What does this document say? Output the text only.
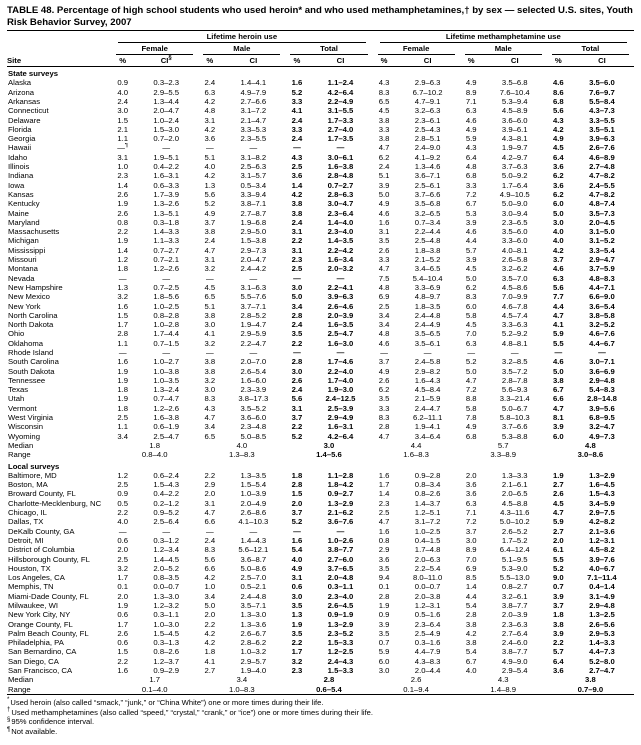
TABLE 48. Percentage of high school students who used heroin* and who used methamphetamines,† by sex — selected U.S. sites, Youth Risk Behavior Survey, 2007

	Lifetime heroin use						Lifetime methamphetamine use					

	Female		Male		Total		Female		Male		Total	

Site	%	CI§	%	CI	%	CI	%	CI	%	CI	%	CI
State surveys												
Alaska	0.9	0.3–2.3	2.4	1.4–4.1	1.6	1.1–2.4	4.3	2.9–6.3	4.9	3.5–6.8	4.6	3.5–6.0
Arizona	4.0	2.9–5.5	6.3	4.9–7.9	5.2	4.2–6.4	8.3	6.7–10.2	8.9	7.6–10.4	8.6	7.6–9.7
Arkansas	2.4	1.3–4.4	4.2	2.7–6.6	3.3	2.2–4.9	6.5	4.7–9.1	7.1	5.3–9.4	6.8	5.5–8.4
Connecticut	3.0	2.0–4.7	4.8	3.1–7.2	4.1	3.1–5.5	4.5	3.2–6.3	6.3	4.5–8.9	5.6	4.3–7.3
Delaware	1.5	1.0–2.4	3.1	2.1–4.7	2.4	1.7–3.3	3.8	2.3–6.1	4.6	3.6–6.0	4.3	3.3–5.5
Florida	2.1	1.5–3.0	4.2	3.3–5.3	3.3	2.7–4.0	3.3	2.5–4.3	4.9	3.9–6.1	4.2	3.5–5.1
Georgia	1.1	0.7–2.0	3.6	2.3–5.5	2.4	1.7–3.5	3.8	2.8–5.1	5.9	4.3–8.1	4.9	3.9–6.3
Hawaii	—¶	—	—	—	—	—	4.7	2.4–9.0	4.3	1.9–9.7	4.5	2.6–7.6
Idaho	3.1	1.9–5.1	5.1	3.1–8.2	4.3	3.0–6.1	6.2	4.1–9.2	6.4	4.2–9.7	6.4	4.6–8.9
Illinois	1.0	0.4–2.2	4.0	2.5–6.3	2.5	1.6–3.8	2.4	1.3–4.6	4.8	3.7–6.3	3.6	2.7–4.8
Indiana	2.3	1.6–3.1	4.2	3.1–5.7	3.6	2.8–4.8	5.1	3.6–7.1	6.8	5.0–9.2	6.2	4.7–8.2
Iowa	1.4	0.6–3.3	1.3	0.5–3.4	1.4	0.7–2.7	3.9	2.5–6.1	3.3	1.7–6.4	3.6	2.4–5.5
Kansas	2.6	1.7–3.9	5.6	3.3–9.4	4.2	2.8–6.3	5.0	3.7–6.6	7.2	4.9–10.5	6.2	4.7–8.2
Kentucky	1.9	1.3–2.6	5.2	3.8–7.1	3.8	3.0–4.7	4.9	3.5–6.8	6.7	5.0–9.0	6.0	4.8–7.4
Maine	2.6	1.3–5.1	4.9	2.7–8.7	3.8	2.3–6.4	4.6	3.2–6.5	5.3	3.0–9.4	5.0	3.5–7.3
Maryland	0.8	0.3–1.8	3.7	1.9–6.8	2.4	1.4–4.0	1.6	0.7–3.4	3.9	2.3–6.5	3.0	2.0–4.5
Massachusetts	2.2	1.4–3.3	3.8	2.9–5.0	3.1	2.3–4.0	3.1	2.2–4.4	4.6	3.5–6.0	4.0	3.1–5.0
Michigan	1.9	1.1–3.3	2.4	1.5–3.8	2.2	1.4–3.5	3.5	2.5–4.8	4.4	3.3–6.0	4.0	3.1–5.2
Mississippi	1.4	0.7–2.7	4.7	2.9–7.3	3.1	2.2–4.2	2.6	1.8–3.8	5.7	4.0–8.1	4.2	3.3–5.4
Missouri	1.2	0.7–2.1	3.1	2.0–4.7	2.3	1.6–3.4	3.3	2.1–5.2	3.9	2.6–5.8	3.7	2.9–4.7
Montana	1.8	1.2–2.6	3.2	2.4–4.2	2.5	2.0–3.2	4.7	3.4–6.5	4.5	3.2–6.2	4.6	3.7–5.9
Nevada	—	—	—	—	—	—	7.5	5.4–10.4	5.0	3.5–7.0	6.3	4.8–8.3
New Hampshire	1.3	0.7–2.5	4.5	3.1–6.3	3.0	2.2–4.1	4.8	3.3–6.9	6.2	4.5–8.6	5.6	4.4–7.1
New Mexico	3.2	1.8–5.6	6.5	5.5–7.6	5.0	3.9–6.3	6.9	4.8–9.7	8.3	7.0–9.9	7.7	6.6–9.0
New York	1.6	1.0–2.5	5.1	3.7–7.1	3.4	2.6–4.6	2.5	1.8–3.5	6.0	4.6–7.8	4.4	3.6–5.4
North Carolina	1.5	0.8–2.8	3.8	2.8–5.2	2.8	2.0–3.9	3.4	2.4–4.8	5.8	4.5–7.4	4.7	3.8–5.8
North Dakota	1.7	1.0–2.8	3.0	1.9–4.7	2.4	1.6–3.5	3.4	2.4–4.9	4.5	3.3–6.3	4.1	3.2–5.2
Ohio	2.8	1.7–4.4	4.1	2.9–5.9	3.5	2.5–4.7	4.8	3.5–6.5	7.0	5.2–9.2	5.9	4.6–7.6
Oklahoma	1.1	0.7–1.5	3.2	2.2–4.7	2.2	1.6–3.0	4.6	3.5–6.1	6.3	4.8–8.1	5.5	4.4–6.7
Rhode Island	—	—	—	—	—	—	—	—	—	—	—	—
South Carolina	1.6	1.0–2.7	3.8	2.0–7.0	2.8	1.7–4.6	3.7	2.4–5.8	5.2	3.2–8.5	4.6	3.0–7.1
South Dakota	1.9	1.0–3.8	3.8	2.6–5.4	3.0	2.2–4.0	4.9	2.9–8.2	5.0	3.5–7.2	5.0	3.6–6.9
Tennessee	1.9	1.0–3.5	3.2	1.6–6.0	2.6	1.7–4.0	2.6	1.6–4.3	4.7	2.8–7.8	3.8	2.9–4.8
Texas	1.8	1.3–2.4	3.0	2.3–3.9	2.4	1.9–3.0	6.2	4.5–8.4	7.2	5.6–9.3	6.7	5.4–8.3
Utah	1.9	0.7–4.7	8.3	3.8–17.3	5.6	2.4–12.5	3.5	2.1–5.9	8.8	3.3–21.4	6.6	2.8–14.8
Vermont	1.8	1.2–2.6	4.3	3.5–5.2	3.1	2.5–3.9	3.3	2.4–4.7	5.8	5.0–6.7	4.7	3.9–5.6
West Virginia	2.5	1.6–3.8	4.7	3.6–6.0	3.7	2.9–4.9	8.3	6.2–11.1	7.8	5.8–10.3	8.1	6.8–9.5
Wisconsin	1.1	0.6–1.9	3.4	2.3–4.8	2.2	1.6–3.1	2.8	1.9–4.1	4.9	3.7–6.6	3.9	3.2–4.7
Wyoming	3.4	2.5–4.7	6.5	5.0–8.5	5.2	4.2–6.4	4.7	3.4–6.4	6.8	5.3–8.8	6.0	4.9–7.3
Median	1.8		4.0		3.0		4.4		5.7		4.8	
Range	0.8–4.0		1.3–8.3		1.4–5.6		1.6–8.3		3.3–8.9		3.0–8.6	
Local surveys												
Baltimore, MD	1.2	0.6–2.4	2.2	1.3–3.5	1.8	1.1–2.8	1.6	0.9–2.8	2.0	1.3–3.3	1.9	1.3–2.9
Boston, MA	2.5	1.5–4.3	2.9	1.5–5.4	2.8	1.8–4.2	1.7	0.8–3.4	3.6	2.1–6.1	2.7	1.6–4.5
Broward County, FL	0.9	0.4–2.2	2.0	1.0–3.9	1.5	0.9–2.7	1.4	0.8–2.6	3.6	2.0–6.5	2.6	1.5–4.3
Charlotte-Mecklenburg, NC	0.5	0.2–1.2	3.1	2.0–4.9	2.0	1.3–2.9	2.3	1.4–3.7	6.3	4.5–8.8	4.5	3.4–5.9
Chicago, IL	2.2	0.9–5.2	4.7	2.6–8.6	3.7	2.1–6.2	2.5	1.2–5.1	7.1	4.3–11.6	4.7	2.9–7.5
Dallas, TX	4.0	2.5–6.4	6.6	4.1–10.3	5.2	3.6–7.6	4.7	3.1–7.2	7.2	5.0–10.2	5.9	4.2–8.2
DeKalb County, GA	—	—	—	—	—	—	1.6	1.0–2.5	3.7	2.6–5.2	2.7	2.1–3.6
Detroit, MI	0.6	0.3–1.2	2.4	1.4–4.3	1.6	1.0–2.6	0.8	0.4–1.5	3.0	1.7–5.2	2.0	1.2–3.1
District of Columbia	2.0	1.2–3.4	8.3	5.6–12.1	5.4	3.8–7.7	2.9	1.7–4.8	8.9	6.4–12.4	6.1	4.5–8.2
Hillsborough County, FL	2.5	1.4–4.5	5.6	3.6–8.7	4.0	2.7–6.0	3.6	2.0–6.3	7.0	5.1–9.5	5.5	3.9–7.6
Houston, TX	3.2	2.0–5.2	6.6	5.0–8.6	4.9	3.7–6.5	3.5	2.2–5.4	6.9	5.3–9.0	5.2	4.0–6.7
Los Angeles, CA	1.7	0.8–3.5	4.2	2.5–7.0	3.1	2.0–4.8	9.4	8.0–11.0	8.5	5.5–13.0	9.0	7.1–11.4
Memphis, TN	0.1	0.0–0.7	1.0	0.5–2.1	0.6	0.3–1.1	0.1	0.0–0.7	1.4	0.8–2.7	0.7	0.4–1.4
Miami-Dade County, FL	2.0	1.3–3.0	3.4	2.4–4.8	3.0	2.3–4.0	2.8	2.0–3.8	4.4	3.2–6.1	3.9	3.1–4.9
Milwaukee, WI	1.9	1.2–3.2	5.0	3.5–7.1	3.5	2.6–4.5	1.9	1.2–3.1	5.4	3.8–7.7	3.7	2.9–4.8
New York City, NY	0.6	0.3–1.1	2.0	1.3–3.0	1.3	0.9–1.9	0.9	0.5–1.6	2.8	2.0–3.9	1.8	1.3–2.5
Orange County, FL	1.7	1.0–3.0	2.2	1.3–3.6	1.9	1.3–2.9	3.9	2.3–6.4	3.8	2.3–6.3	3.8	2.6–5.6
Palm Beach County, FL	2.6	1.5–4.5	4.2	2.6–6.7	3.5	2.3–5.2	3.5	2.5–4.9	4.2	2.7–6.4	3.9	2.9–5.3
Philadelphia, PA	0.6	0.3–1.3	4.2	2.8–6.2	2.2	1.5–3.3	0.7	0.3–1.6	3.8	2.4–6.0	2.2	1.4–3.3
San Bernardino, CA	1.5	0.8–2.6	1.8	1.0–3.2	1.7	1.2–2.5	5.9	4.4–7.9	5.4	3.8–7.7	5.7	4.4–7.3
San Diego, CA	2.2	1.2–3.7	4.1	2.9–5.7	3.2	2.4–4.3	6.0	4.3–8.3	6.7	4.9–9.0	6.4	5.2–8.0
San Francisco, CA	1.6	0.9–2.9	2.7	1.9–4.0	2.3	1.5–3.3	3.0	2.0–4.4	4.0	2.9–5.4	3.6	2.7–4.7
Median	1.7		3.4		2.8		2.6		4.3		3.8	
Range	0.1–4.0		1.0–8.3		0.6–5.4		0.1–9.4		1.4–8.9		0.7–9.0	
*Used heroin (also called “smack,” “junk,” or “China White”) one or more times during their life.
†Used methamphetamines (also called “speed,” “crystal,” “crank,” or “ice”) one or more times during their life.
§95% confidence interval.
¶Not available.
